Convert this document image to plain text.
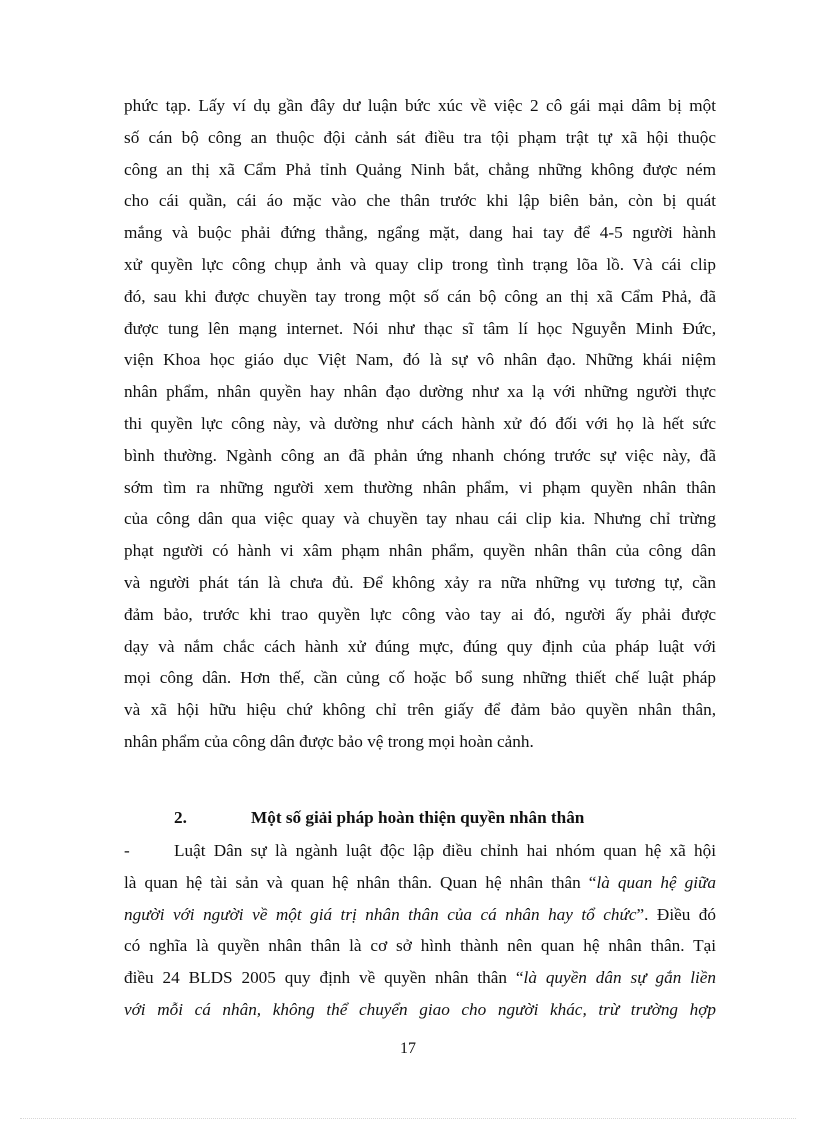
phức tạp. Lấy ví dụ gần đây dư luận bức xúc về việc 2 cô gái mại dâm bị một
số cán bộ công an thuộc đội cảnh sát điều tra tội phạm trật tự xã hội thuộc
công an thị xã Cẩm Phả tỉnh Quảng Ninh bắt, chẳng những không được ném
cho cái quần, cái áo mặc vào che thân trước khi lập biên bản, còn bị quát
mắng và buộc phải đứng thẳng, ngẩng mặt, dang hai tay để 4-5 người hành
xử quyền lực công chụp ảnh và quay clip trong tình trạng lõa lồ. Và cái clip
đó, sau khi được chuyền tay trong một số cán bộ công an thị xã Cẩm Phả, đã
được tung lên mạng internet. Nói như thạc sĩ tâm lí học Nguyễn Minh Đức,
viện Khoa học giáo dục Việt Nam, đó là sự vô nhân đạo. Những khái niệm
nhân phẩm, nhân quyền hay nhân đạo dường như xa lạ với những người thực
thi quyền lực công này, và dường như cách hành xử đó đối với họ là hết sức
bình thường. Ngành công an đã phản ứng nhanh chóng trước sự việc này, đã
sớm tìm ra những người xem thường nhân phẩm, vi phạm quyền nhân thân
của công dân qua việc quay và chuyền tay nhau cái clip kia. Nhưng chỉ trừng
phạt người có hành vi xâm phạm nhân phẩm, quyền nhân thân của công dân
và người phát tán là chưa đủ. Để không xảy ra nữa những vụ tương tự, cần
đảm bảo, trước khi trao quyền lực công vào tay ai đó, người ấy phải được
dạy và nắm chắc cách hành xử đúng mực, đúng quy định của pháp luật với
mọi công dân. Hơn thế, cần củng cố hoặc bổ sung những thiết chế luật pháp
và xã hội hữu hiệu chứ không chỉ trên giấy để đảm bảo quyền nhân thân,
nhân phẩm của công dân được bảo vệ trong mọi hoàn cảnh.

2.	Một số giải pháp hoàn thiện quyền nhân thân
-	Luật Dân sự là ngành luật độc lập điều chỉnh hai nhóm quan hệ xã hội
là quan hệ tài sản và quan hệ nhân thân. Quan hệ nhân thân “là quan hệ giữa
người với người về một giá trị nhân thân của cá nhân hay tổ chức”. Điều đó
có nghĩa là quyền nhân thân là cơ sở hình thành nên quan hệ nhân thân. Tại
điều 24 BLDS 2005 quy định về quyền nhân thân “là quyền dân sự gắn liền
với mỗi cá nhân, không thể chuyển giao cho người khác, trừ trường hợp
17
